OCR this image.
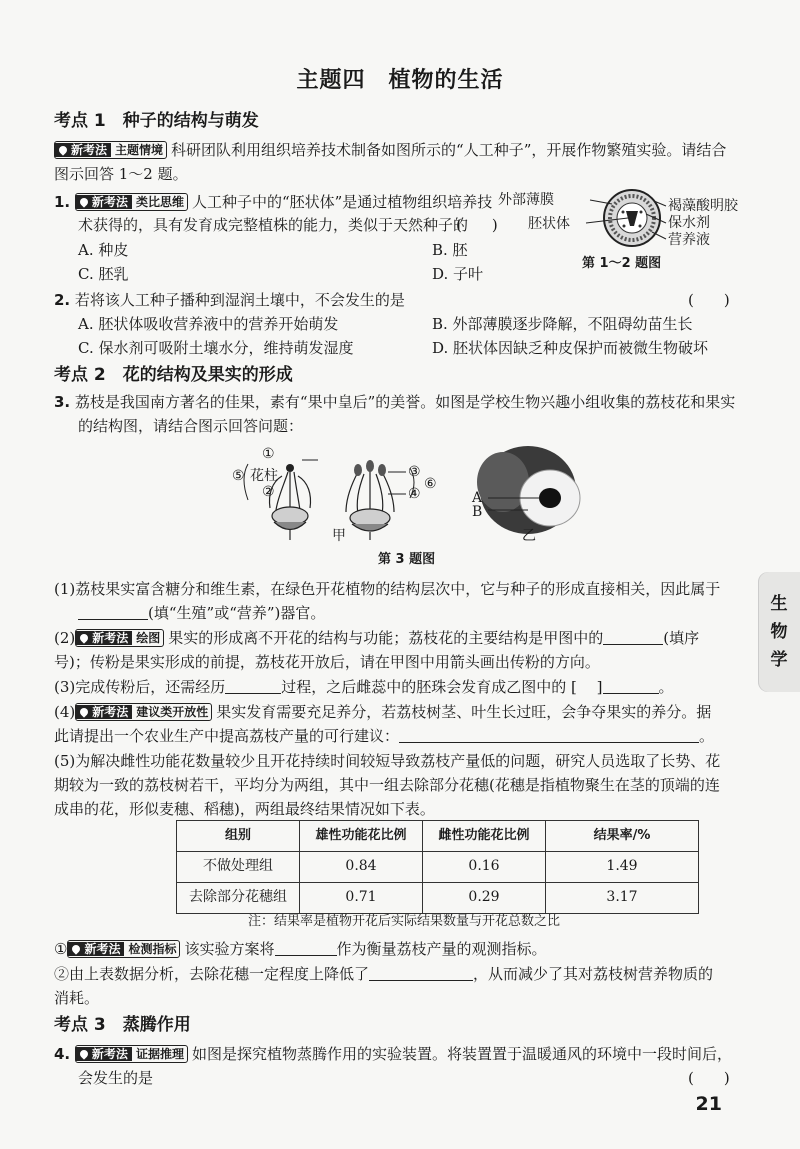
主题四　植物的生活
考点 1　种子的结构与萌发
新考法 主题情境 科研团队利用组织培养技术制备如图所示的“人工种子”，开展作物繁殖实验。请结合
图示回答 1～2 题。
1. 新考法 类比思维 人工种子中的“胚状体”是通过植物组织培养技
术获得的，具有发育成完整植株的能力，类似于天然种子的
(　　)
A. 种皮	B. 胚
C. 胚乳	D. 子叶
外部薄膜
胚状体
褐藻酸明胶
保水剂
营养液
第 1～2 题图
2. 若将该人工种子播种到湿润土壤中，不会发生的是	(　　)
A. 胚状体吸收营养液中的营养开始萌发	B. 外部薄膜逐步降解，不阻碍幼苗生长
C. 保水剂可吸附土壤水分，维持萌发湿度	D. 胚状体因缺乏种皮保护而被微生物破坏
考点 2　花的结构及果实的形成
3. 荔枝是我国南方著名的佳果，素有“果中皇后”的美誉。如图是学校生物兴趣小组收集的荔枝花和果实
的结构图，请结合图示回答问题：
①
⑤ 花柱
②
③
④
⑥
A
B
甲	乙
第 3 题图
(1)荔枝果实富含糖分和维生素，在绿色开花植物的结构层次中，它与种子的形成直接相关，因此属于
(填“生殖”或“营养”)器官。
(2) 新考法 绘图 果实的形成离不开花的结构与功能；荔枝花的主要结构是甲图中的	(填序
号)；传粉是果实形成的前提，荔枝花开放后，请在甲图中用箭头画出传粉的方向。
(3)完成传粉后，还需经历	过程，之后雌蕊中的胚珠会发育成乙图中的 [　 ]	。
(4) 新考法 建议类开放性 果实发育需要充足养分，若荔枝树茎、叶生长过旺，会争夺果实的养分。据
此请提出一个农业生产中提高荔枝产量的可行建议：	。
(5)为解决雌性功能花数量较少且开花持续时间较短导致荔枝产量低的问题，研究人员选取了长势、花
期较为一致的荔枝树若干，平均分为两组，其中一组去除部分花穗(花穗是指植物聚生在茎的顶端的连
成串的花，形似麦穗、稻穗)，两组最终结果情况如下表。
组别	雄性功能花比例	雌性功能花比例	结果率/%
不做处理组	0.84	0.16	1.49
去除部分花穗组	0.71	0.29	3.17
注：结果率是植物开花后实际结果数量与开花总数之比
① 新考法 检测指标 该实验方案将	作为衡量荔枝产量的观测指标。
②由上表数据分析，去除花穗一定程度上降低了	，从而减少了其对荔枝树营养物质的
消耗。
考点 3　蒸腾作用
4. 新考法 证据推理 如图是探究植物蒸腾作用的实验装置。将装置置于温暖通风的环境中一段时间后，
会发生的是	(　　)
生
物
学
21
